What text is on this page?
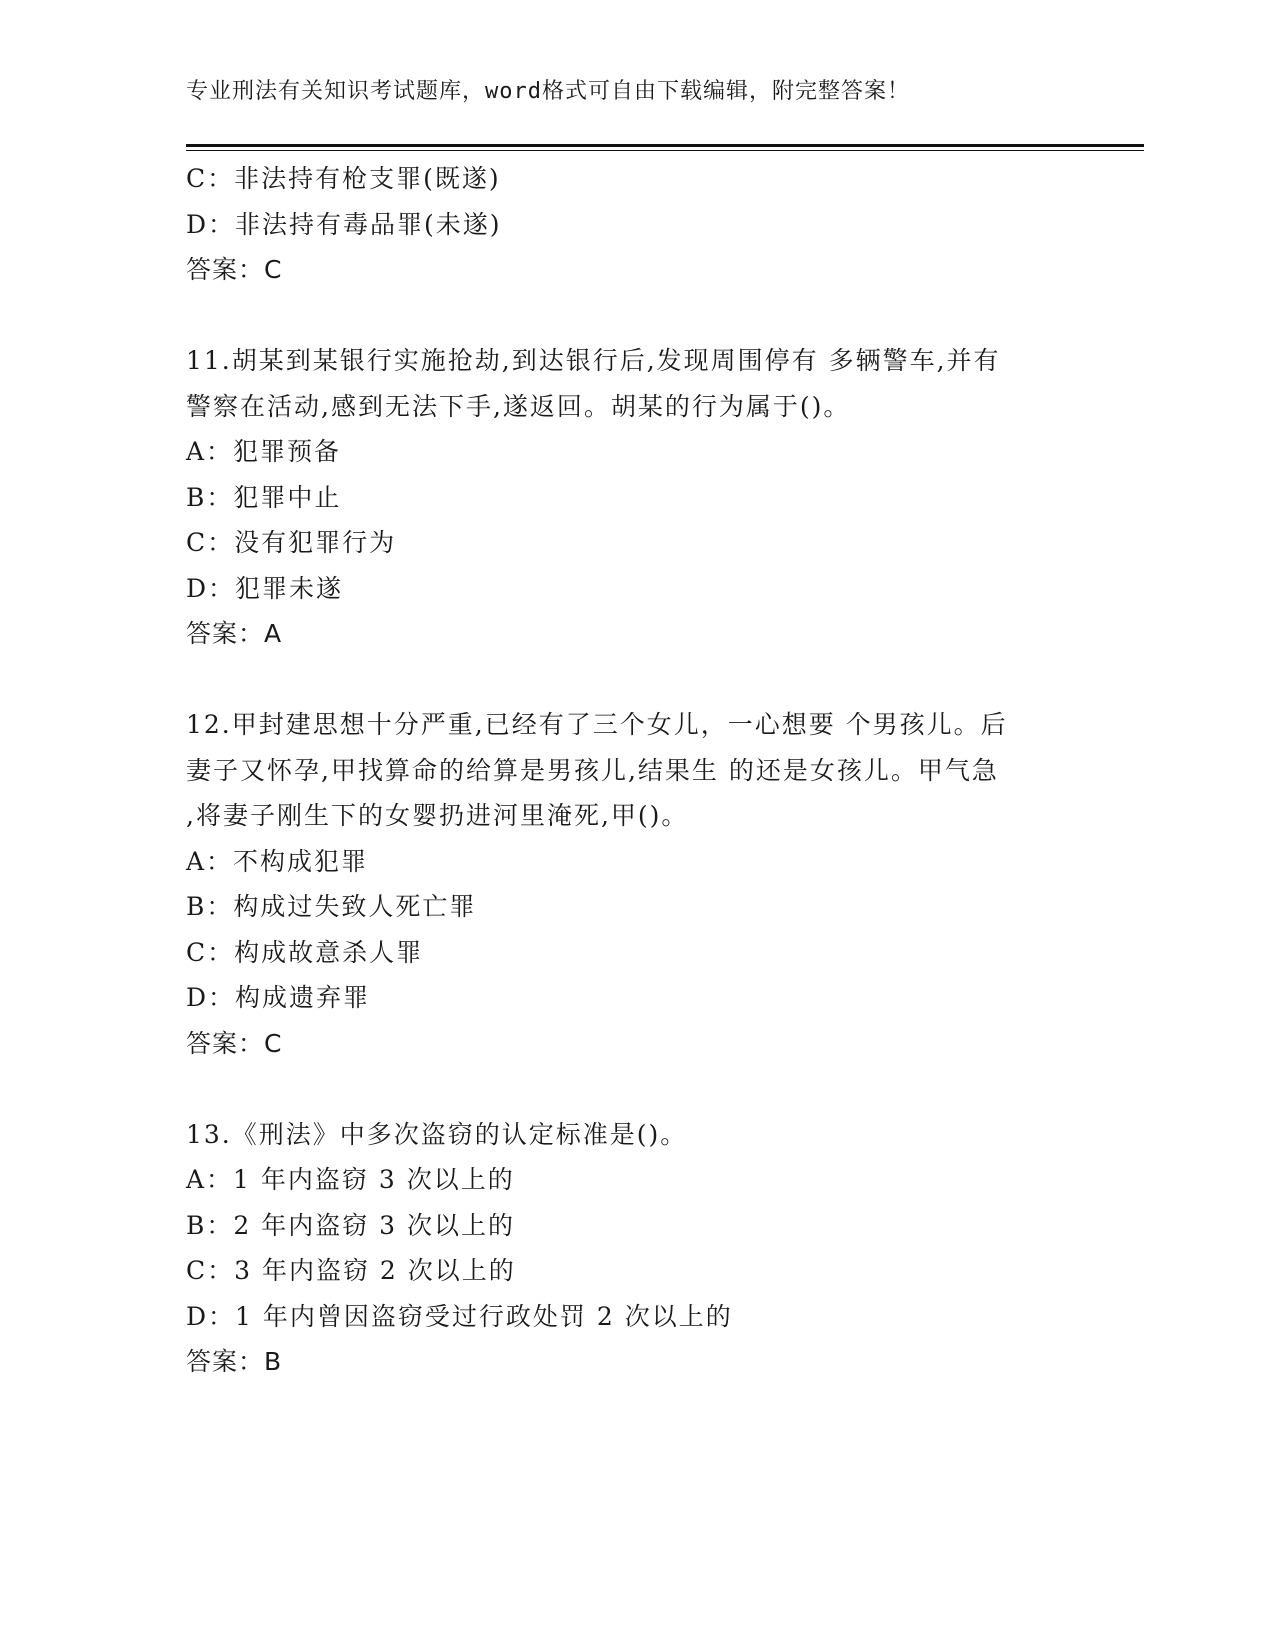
专业刑法有关知识考试题库，word格式可自由下载编辑，附完整答案！
C：非法持有枪支罪(既遂)
D：非法持有毒品罪(未遂)
答案：C
11.胡某到某银行实施抢劫,到达银行后,发现周围停有 多辆警车,并有
警察在活动,感到无法下手,遂返回。胡某的行为属于()。
A：犯罪预备
B：犯罪中止
C：没有犯罪行为
D：犯罪未遂
答案：A
12.甲封建思想十分严重,已经有了三个女儿，一心想要 个男孩儿。后
妻子又怀孕,甲找算命的给算是男孩儿,结果生 的还是女孩儿。甲气急
,将妻子刚生下的女婴扔进河里淹死,甲()。
A：不构成犯罪
B：构成过失致人死亡罪
C：构成故意杀人罪
D：构成遗弃罪
答案：C
13.《刑法》中多次盗窃的认定标准是()。
A：1 年内盗窃 3 次以上的
B：2 年内盗窃 3 次以上的
C：3 年内盗窃 2 次以上的
D：1 年内曾因盗窃受过行政处罚 2 次以上的
答案：B
